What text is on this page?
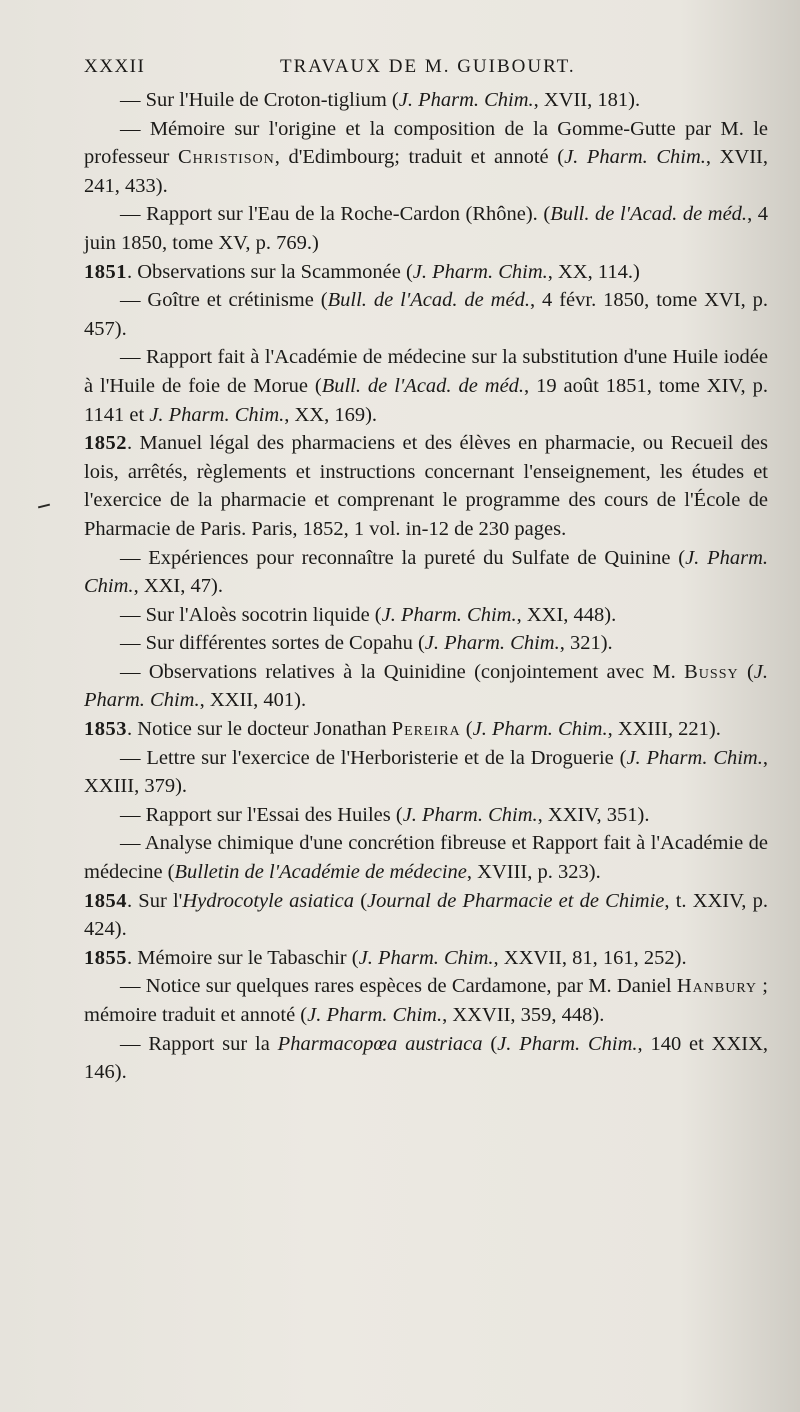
XXXII	TRAVAUX DE M. GUIBOURT.

— Sur l'Huile de Croton-tiglium (J. Pharm. Chim., XVII, 181).

— Mémoire sur l'origine et la composition de la Gomme-Gutte par M. le professeur Christison, d'Edimbourg; traduit et annoté (J. Pharm. Chim., XVII, 241, 433).

— Rapport sur l'Eau de la Roche-Cardon (Rhône). (Bull. de l'Acad. de méd., 4 juin 1850, tome XV, p. 769.)

1851. Observations sur la Scammonée (J. Pharm. Chim., XX, 114.)

— Goître et crétinisme (Bull. de l'Acad. de méd., 4 févr. 1850, tome XVI, p. 457).

— Rapport fait à l'Académie de médecine sur la substitution d'une Huile iodée à l'Huile de foie de Morue (Bull. de l'Acad. de méd., 19 août 1851, tome XIV, p. 1141 et J. Pharm. Chim., XX, 169).

1852. Manuel légal des pharmaciens et des élèves en pharmacie, ou Recueil des lois, arrêtés, règlements et instructions concernant l'enseignement, les études et l'exercice de la pharmacie et comprenant le programme des cours de l'École de Pharmacie de Paris. Paris, 1852, 1 vol. in-12 de 230 pages.

— Expériences pour reconnaître la pureté du Sulfate de Quinine (J. Pharm. Chim., XXI, 47).

— Sur l'Aloès socotrin liquide (J. Pharm. Chim., XXI, 448).

— Sur différentes sortes de Copahu (J. Pharm. Chim., 321).

— Observations relatives à la Quinidine (conjointement avec M. Bussy (J. Pharm. Chim., XXII, 401).

1853. Notice sur le docteur Jonathan Pereira (J. Pharm. Chim., XXIII, 221).

— Lettre sur l'exercice de l'Herboristerie et de la Droguerie (J. Pharm. Chim., XXIII, 379).

— Rapport sur l'Essai des Huiles (J. Pharm. Chim., XXIV, 351).

— Analyse chimique d'une concrétion fibreuse et Rapport fait à l'Académie de médecine (Bulletin de l'Académie de médecine, XVIII, p. 323).

1854. Sur l'Hydrocotyle asiatica (Journal de Pharmacie et de Chimie, t. XXIV, p. 424).

1855. Mémoire sur le Tabaschir (J. Pharm. Chim., XXVII, 81, 161, 252).

— Notice sur quelques rares espèces de Cardamone, par M. Daniel Hanbury ; mémoire traduit et annoté (J. Pharm. Chim., XXVII, 359, 448).

— Rapport sur la Pharmacopœa austriaca (J. Pharm. Chim., 140 et XXIX, 146).
